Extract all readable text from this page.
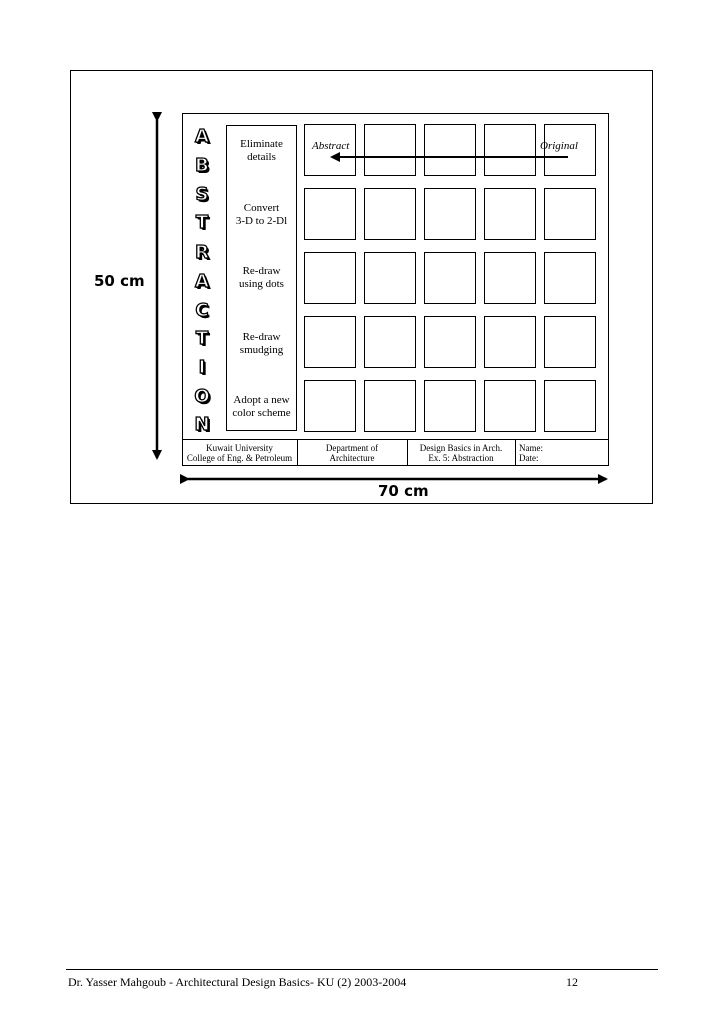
A
B
S
T
R
A
C
T
I
O
N
Eliminate
details
Convert
3-D to 2-Dl
Re-draw
using dots
Re-draw
smudging
Adopt a new
color scheme
Abstract	Original
Kuwait University
College of Eng. & Petroleum
Department of
Architecture
Design Basics in Arch.
Ex. 5: Abstraction
Name:
Date:
50 cm
70 cm
Dr. Yasser Mahgoub - Architectural Design Basics- KU (2) 2003-2004	12
